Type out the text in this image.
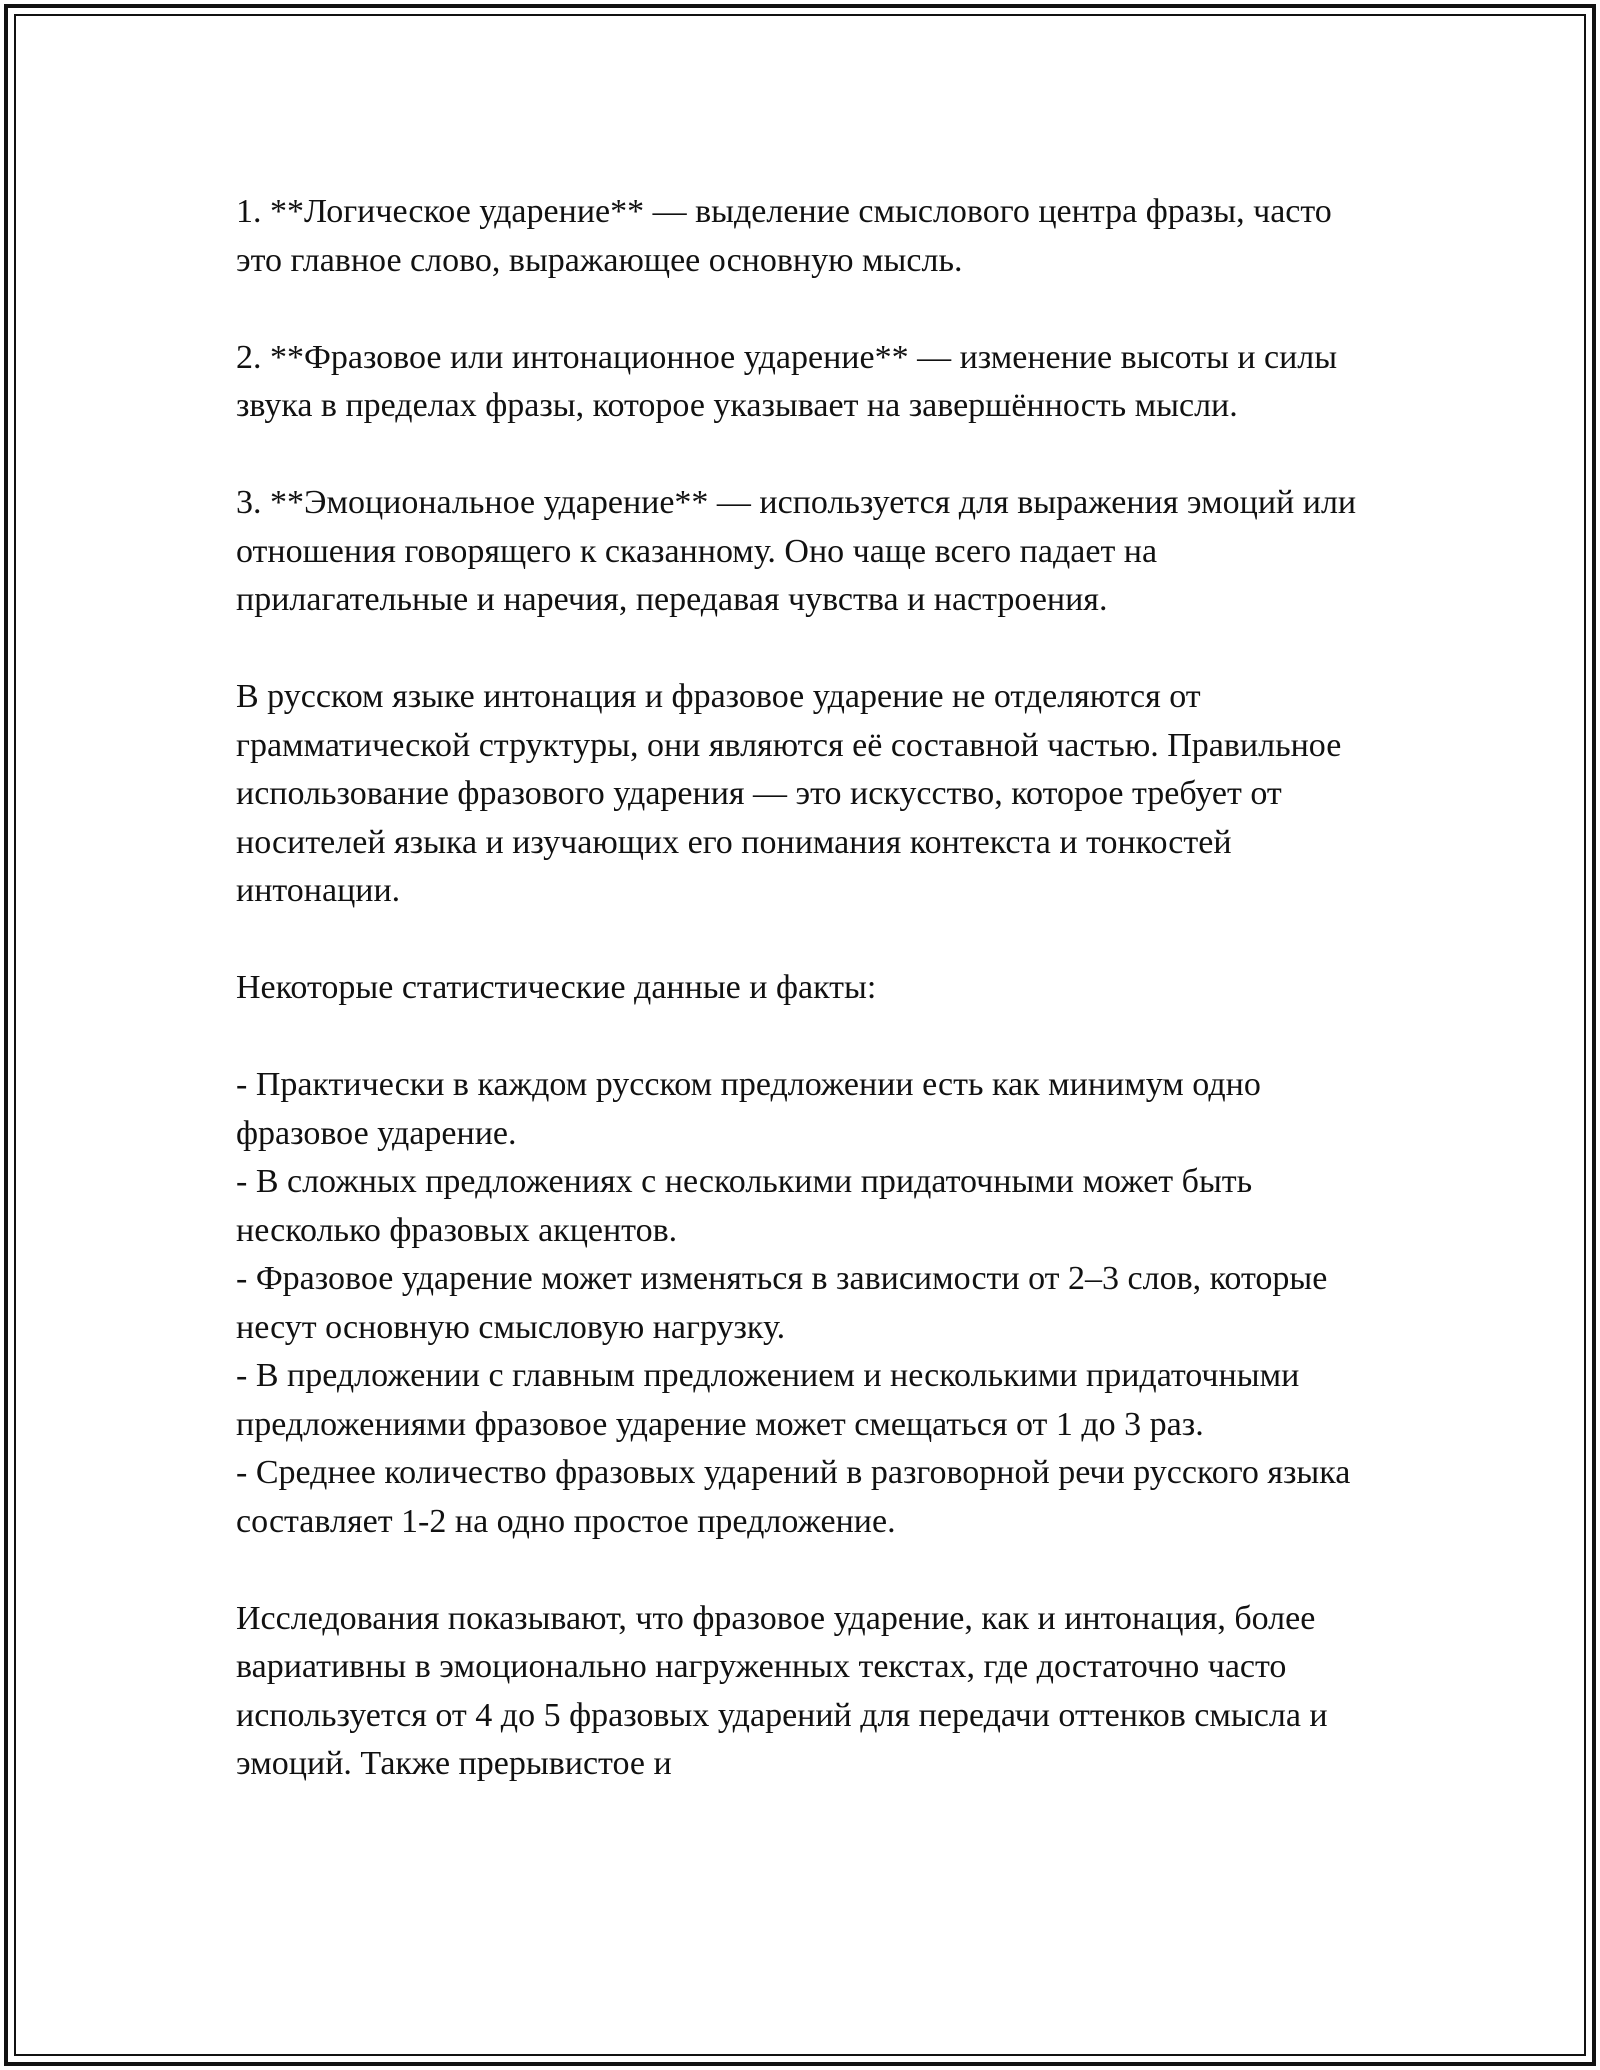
1. **Логическое ударение** — выделение смыслового центра фразы, часто это главное слово, выражающее основную мысль.

2. **Фразовое или интонационное ударение** — изменение высоты и силы звука в пределах фразы, которое указывает на завершённость мысли.

3. **Эмоциональное ударение** — используется для выражения эмоций или отношения говорящего к сказанному. Оно чаще всего падает на прилагательные и наречия, передавая чувства и настроения.

В русском языке интонация и фразовое ударение не отделяются от грамматической структуры, они являются её составной частью. Правильное использование фразового ударения — это искусство, которое требует от носителей языка и изучающих его понимания контекста и тонкостей интонации.

Некоторые статистические данные и факты:

- Практически в каждом русском предложении есть как минимум одно фразовое ударение.

- В сложных предложениях с несколькими придаточными может быть несколько фразовых акцентов.

- Фразовое ударение может изменяться в зависимости от 2–3 слов, которые несут основную смысловую нагрузку.

- В предложении с главным предложением и несколькими придаточными предложениями фразовое ударение может смещаться от 1 до 3 раз.

- Среднее количество фразовых ударений в разговорной речи русского языка составляет 1-2 на одно простое предложение.

Исследования показывают, что фразовое ударение, как и интонация, более вариативны в эмоционально нагруженных текстах, где достаточно часто используется от 4 до 5 фразовых ударений для передачи оттенков смысла и эмоций. Также прерывистое и
